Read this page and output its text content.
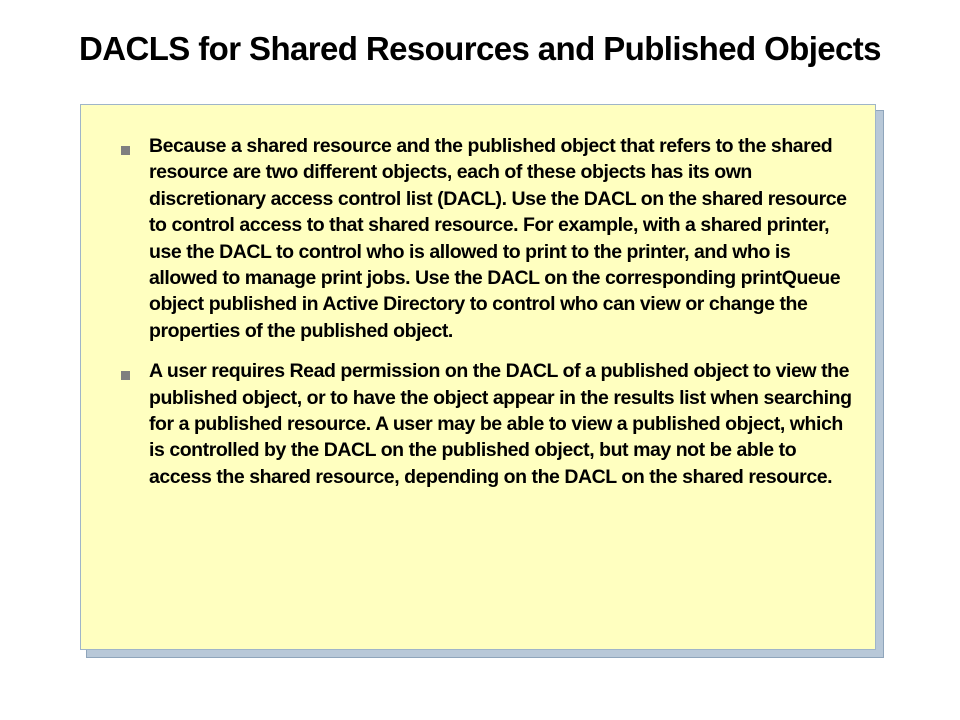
DACLS for Shared Resources and Published Objects
Because a shared resource and the published object that refers to the shared resource are two different objects, each of these objects has its own discretionary access control list (DACL). Use the DACL on the shared resource to control access to that shared resource. For example, with a shared printer, use the DACL to control who is allowed to print to the printer, and who is allowed to manage print jobs. Use the DACL on the corresponding printQueue object published in Active Directory to control who can view or change the properties of the published object.
A user requires Read permission on the DACL of a published object to view the published object, or to have the object appear in the results list when searching for a published resource. A user may be able to view a published object, which is controlled by the DACL on the published object, but may not be able to access the shared resource, depending on the DACL on the shared resource.
